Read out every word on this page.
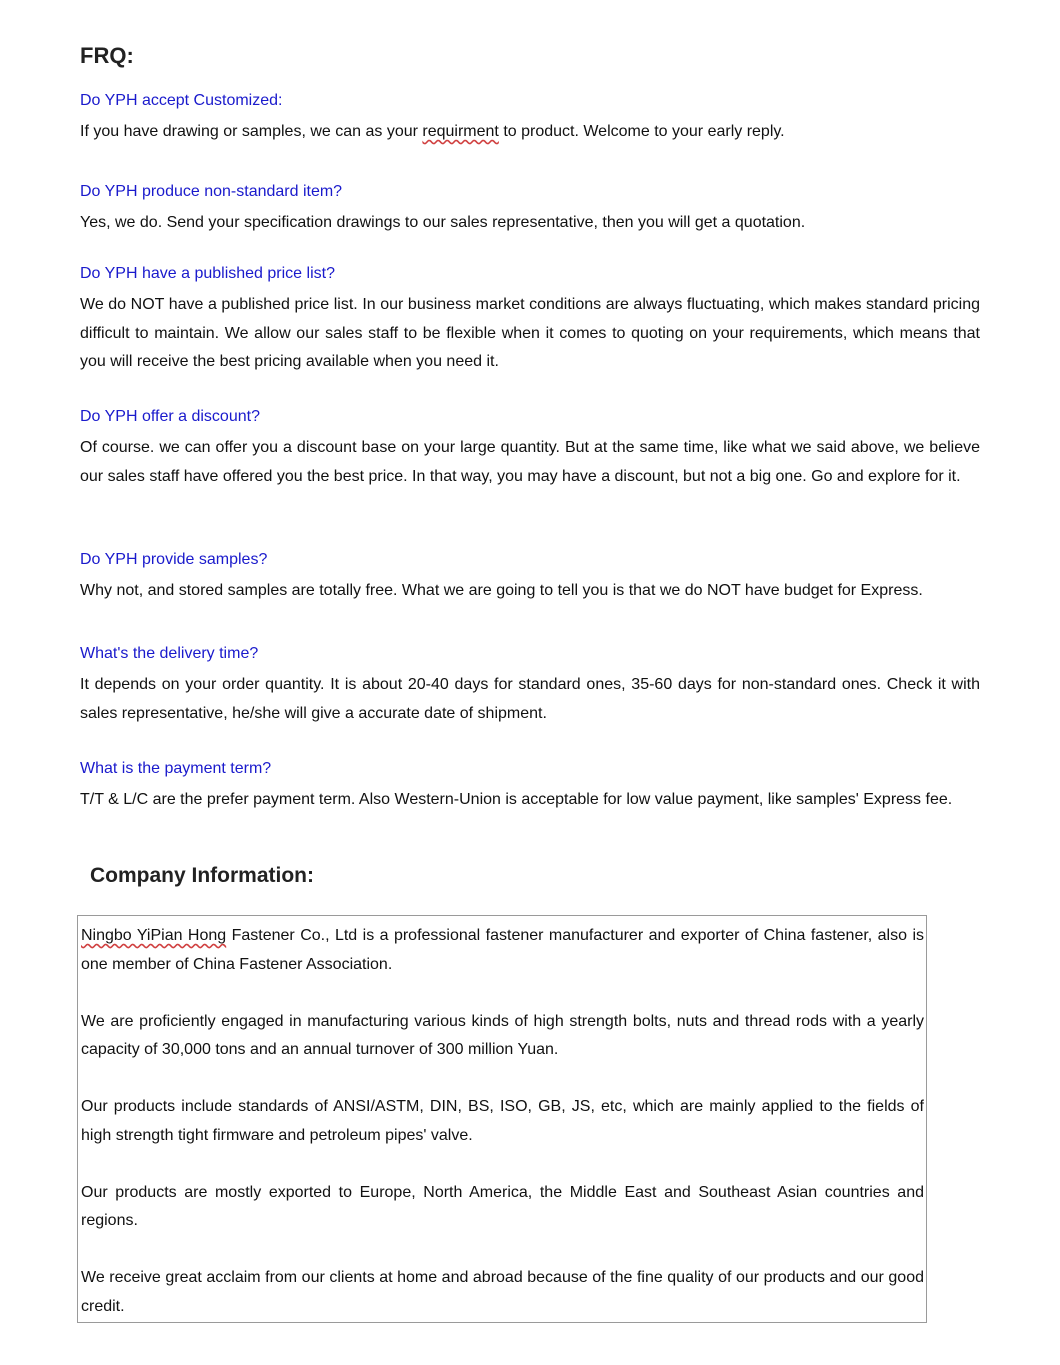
FRQ:

Do YPH accept Customized:

If you have drawing or samples, we can as your requirment to product. Welcome to your early reply.

Do YPH produce non-standard item?

Yes, we do. Send your specification drawings to our sales representative, then you will get a quotation.

Do YPH have a published price list?

We do NOT have a published price list. In our business market conditions are always fluctuating, which makes standard pricing difficult to maintain. We allow our sales staff to be flexible when it comes to quoting on your requirements, which means that you will receive the best pricing available when you need it.

Do YPH offer a discount?

Of course. we can offer you a discount base on your large quantity. But at the same time, like what we said above, we believe our sales staff have offered you the best price. In that way, you may have a discount, but not a big one. Go and explore for it.

Do YPH provide samples?

Why not, and stored samples are totally free. What we are going to tell you is that we do NOT have budget for Express.

What's the delivery time?

It depends on your order quantity. It is about 20-40 days for standard ones, 35-60 days for non-standard ones. Check it with sales representative, he/she will give a accurate date of shipment.

What is the payment term?

T/T & L/C are the prefer payment term. Also Western-Union is acceptable for low value payment, like samples' Express fee.

Company Information:

Ningbo YiPian Hong Fastener Co., Ltd is a professional fastener manufacturer and exporter of China fastener, also is one member of China Fastener Association.

We are proficiently engaged in manufacturing various kinds of high strength bolts, nuts and thread rods with a yearly capacity of 30,000 tons and an annual turnover of 300 million Yuan.

Our products include standards of ANSI/ASTM, DIN, BS, ISO, GB, JS, etc, which are mainly applied to the fields of high strength tight firmware and petroleum pipes' valve.

Our products are mostly exported to Europe, North America, the Middle East and Southeast Asian countries and regions.

We receive great acclaim from our clients at home and abroad because of the fine quality of our products and our good credit.
